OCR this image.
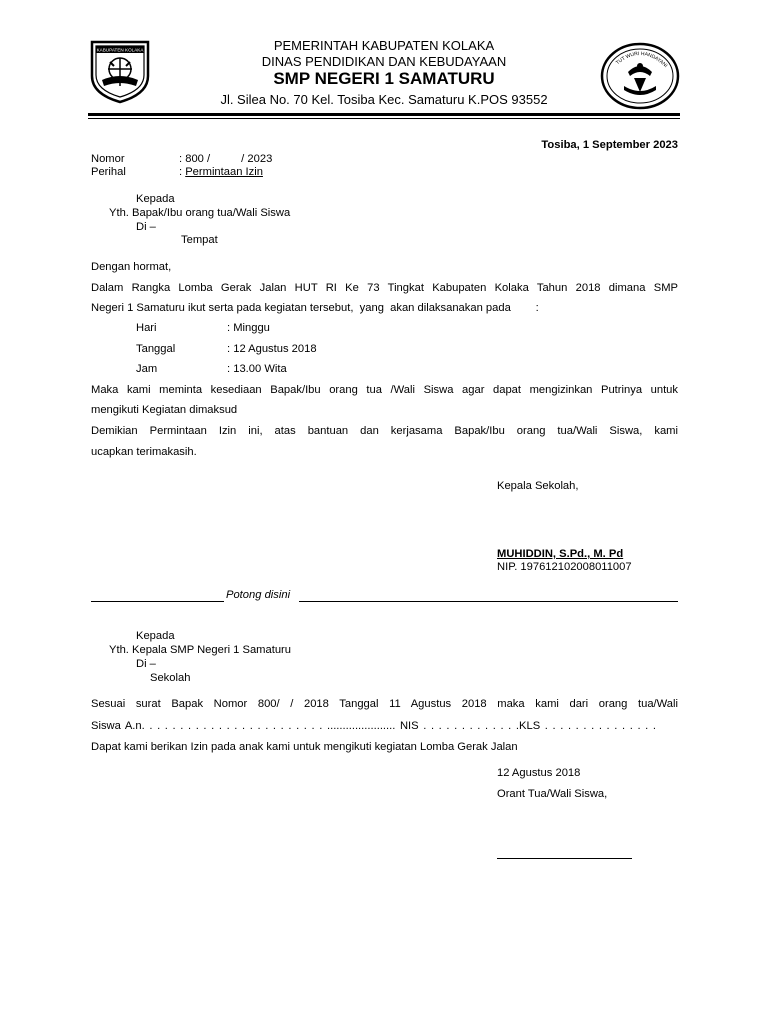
KABUPATEN KOLAKA
TUT WURI HANDAYANI
PEMERINTAH KABUPATEN KOLAKA
DINAS PENDIDIKAN DAN KEBUDAYAAN
SMP NEGERI 1 SAMATURU
Jl. Silea No. 70 Kel. Tosiba Kec. Samaturu K.POS 93552
Tosiba, 1 September 2023
Nomor	: 800 /          / 2023
Perihal	: Permintaan Izin
Kepada
Yth. Bapak/Ibu orang tua/Wali Siswa
Di –
Tempat
Dengan hormat,
Dalam Rangka Lomba Gerak Jalan HUT RI Ke 73 Tingkat Kabupaten Kolaka Tahun 2018 dimana SMP
Negeri 1 Samaturu ikut serta pada kegiatan tersebut,  yang  akan dilaksanakan pada        :
Hari	: Minggu
Tanggal	: 12 Agustus 2018
Jam	: 13.00 Wita
Maka kami meminta kesediaan Bapak/Ibu orang tua /Wali Siswa agar dapat mengizinkan Putrinya untuk
mengikuti Kegiatan dimaksud
Demikian Permintaan Izin ini, atas bantuan dan kerjasama Bapak/Ibu orang tua/Wali Siswa, kami
ucapkan terimakasih.
Kepala Sekolah,
MUHIDDIN, S.Pd., M. Pd
NIP. 197612102008011007
Potong disini
Kepada
Yth. Kepala SMP Negeri 1 Samaturu
Di –
Sekolah
Sesuai surat Bapak Nomor 800/ / 2018 Tanggal 11 Agustus 2018 maka kami dari orang tua/Wali
Siswa A.n. . . . . . . . . . . . . . . . . . . . . . . . ...................... NIS . . . . . . . . . . . . .KLS . . . . . . . . . . . . . . .
Dapat kami berikan Izin pada anak kami untuk mengikuti kegiatan Lomba Gerak Jalan
12 Agustus 2018
Orant Tua/Wali Siswa,
